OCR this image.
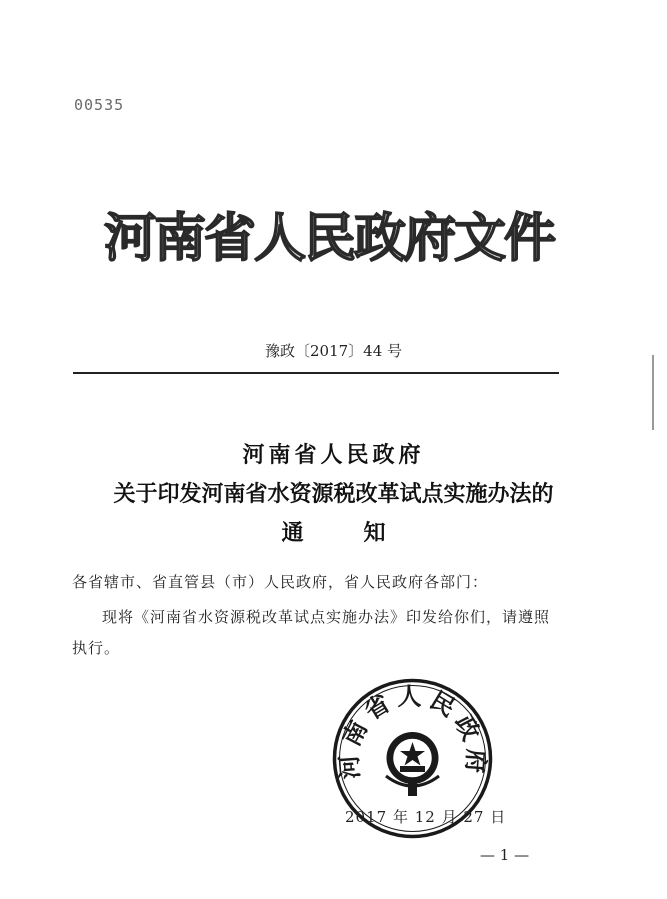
00535
河南省人民政府文件
豫政〔2017〕44 号
河南省人民政府
关于印发河南省水资源税改革试点实施办法的
通	知
各省辖市、省直管县（市）人民政府，省人民政府各部门：
现将《河南省水资源税改革试点实施办法》印发给你们，请遵照执行。
河南省人民政府
2017 年 12 月 27 日
— 1 —
